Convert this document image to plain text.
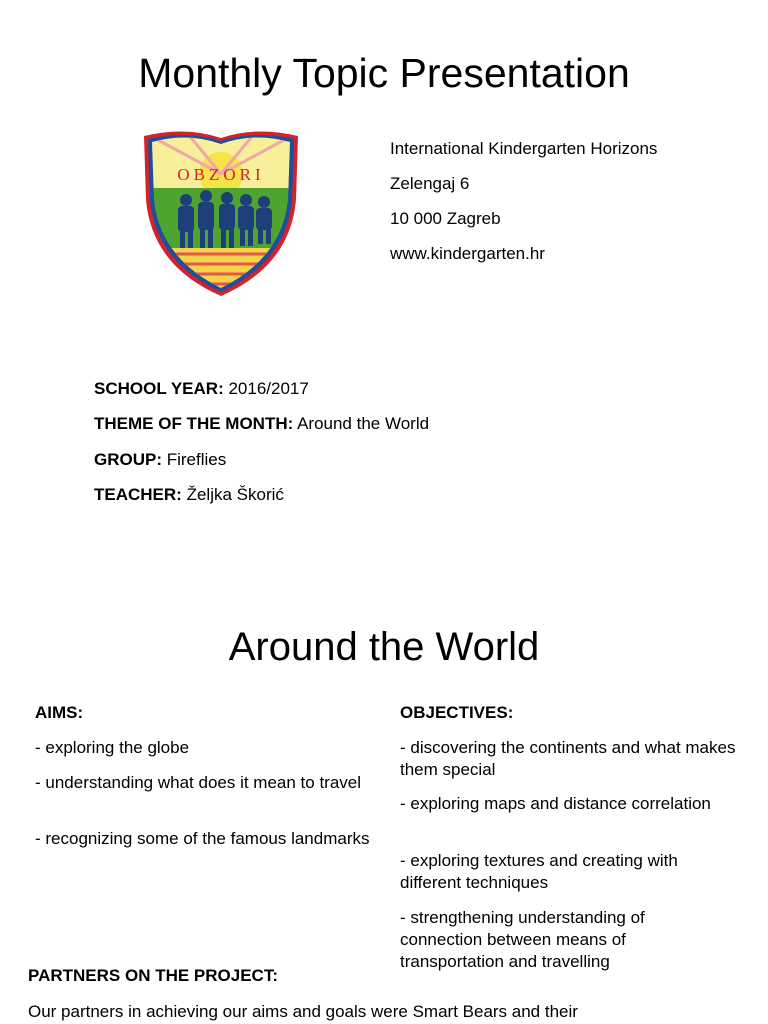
Monthly Topic Presentation
OBZORI
International Kindergarten Horizons
Zelengaj 6
10 000 Zagreb
www.kindergarten.hr
SCHOOL YEAR: 2016/2017
THEME OF THE MONTH: Around the World
GROUP: Fireflies
TEACHER: Željka Škorić
Around the World
AIMS:
- exploring the globe
- understanding what does it mean to travel
- recognizing some of the famous landmarks
OBJECTIVES:
- discovering the continents and what makes them special
- exploring maps and distance correlation
- exploring textures and creating with different techniques
- strengthening understanding of connection between means of transportation and travelling
PARTNERS ON THE PROJECT:
Our partners in achieving our aims and goals were Smart Bears and their
